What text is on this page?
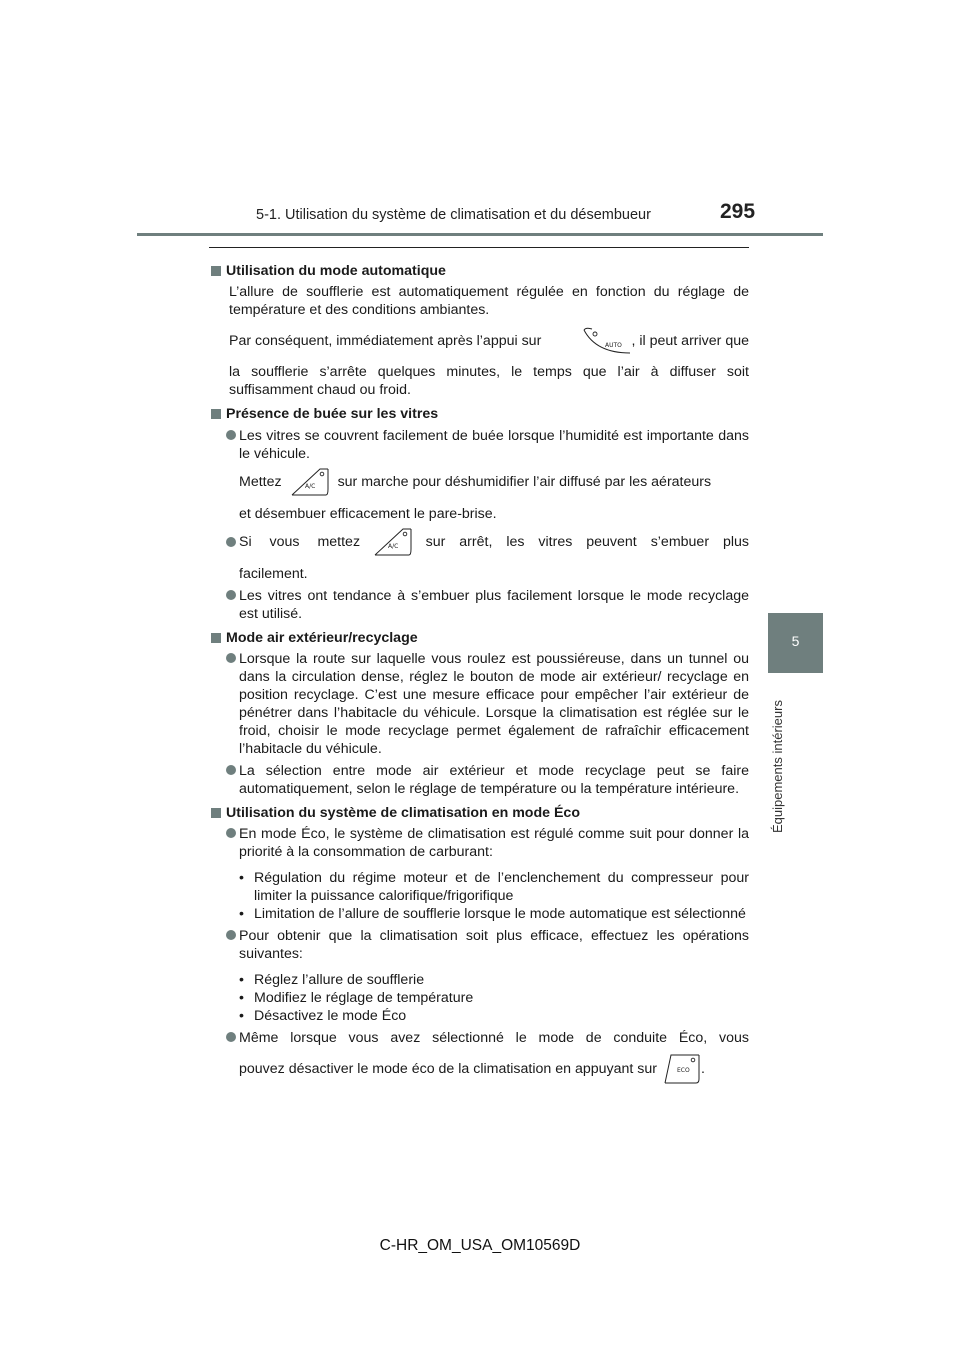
5-1. Utilisation du système de climatisation et du désembueur	295
5
Équipements intérieurs
Utilisation du mode automatique
L’allure de soufflerie est automatiquement régulée en fonction du réglage de température et des conditions ambiantes.
Par conséquent, immédiatement après l’appui sur	AUTO , il peut arriver que
la soufflerie s’arrête quelques minutes, le temps que l’air à diffuser soit suffisamment chaud ou froid.
Présence de buée sur les vitres
Les vitres se couvrent facilement de buée lorsque l’humidité est importante dans le véhicule.
Mettez	A/C sur marche pour déshumidifier l’air diffusé par les aérateurs
et désembuer efficacement le pare-brise.
Si vous mettez	A/C sur arrêt, les vitres peuvent s’embuer plus
facilement.
Les vitres ont tendance à s’embuer plus facilement lorsque le mode recyclage est utilisé.
Mode air extérieur/recyclage
Lorsque la route sur laquelle vous roulez est poussiéreuse, dans un tunnel ou dans la circulation dense, réglez le bouton de mode air extérieur/ recyclage en position recyclage. C’est une mesure efficace pour empêcher l’air extérieur de pénétrer dans l’habitacle du véhicule. Lorsque la climatisation est réglée sur le froid, choisir le mode recyclage permet également de rafraîchir efficacement l’habitacle du véhicule.
La sélection entre mode air extérieur et mode recyclage peut se faire automatiquement, selon le réglage de température ou la température intérieure.
Utilisation du système de climatisation en mode Éco
En mode Éco, le système de climatisation est régulé comme suit pour donner la priorité à la consommation de carburant:
• Régulation du régime moteur et de l’enclenchement du compresseur pour limiter la puissance calorifique/frigorifique
• Limitation de l’allure de soufflerie lorsque le mode automatique est sélectionné
Pour obtenir que la climatisation soit plus efficace, effectuez les opérations suivantes:
• Réglez l’allure de soufflerie
• Modifiez le réglage de température
• Désactivez le mode Éco
Même lorsque vous avez sélectionné le mode de conduite Éco, vous
pouvez désactiver le mode éco de la climatisation en appuyant sur	ECO .
C-HR_OM_USA_OM10569D
